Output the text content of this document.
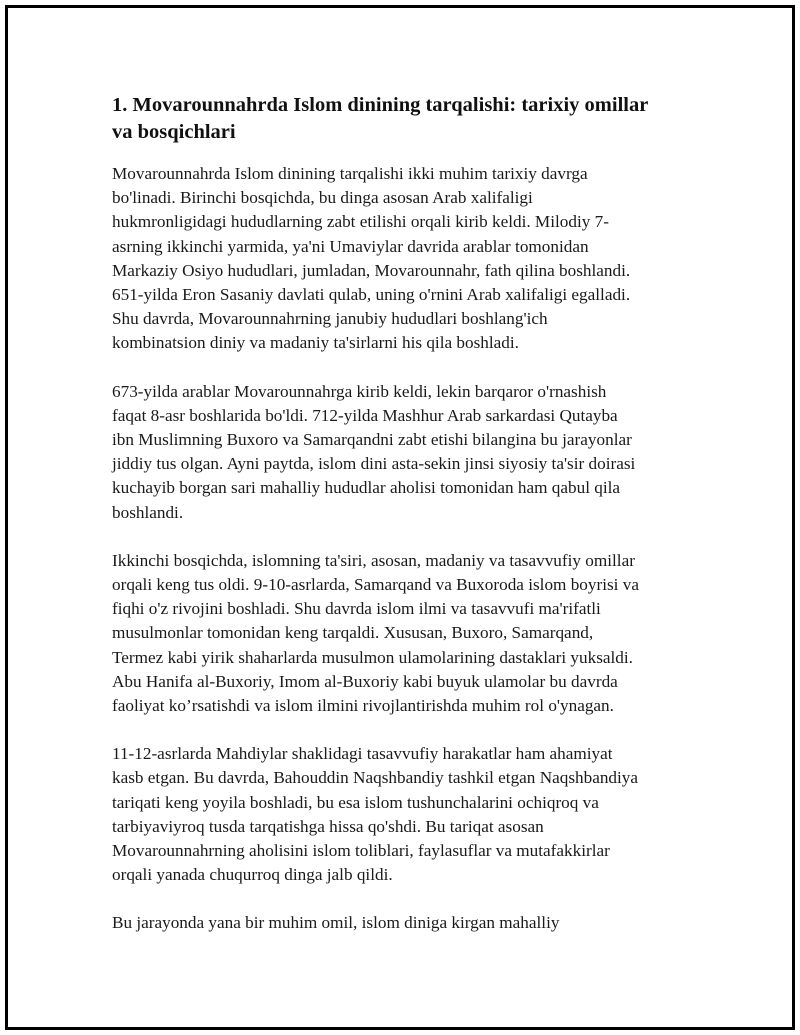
1. Movarounnahrda Islom dinining tarqalishi: tarixiy omillar
va bosqichlari

Movarounnahrda Islom dinining tarqalishi ikki muhim tarixiy davrga
bo'linadi. Birinchi bosqichda, bu dinga asosan Arab xalifaligi
hukmronligidagi hududlarning zabt etilishi orqali kirib keldi. Milodiy 7-
asrning ikkinchi yarmida, ya'ni Umaviylar davrida arablar tomonidan
Markaziy Osiyo hududlari, jumladan, Movarounnahr, fath qilina boshlandi.
651-yilda Eron Sasaniy davlati qulab, uning o'rnini Arab xalifaligi egalladi.
Shu davrda, Movarounnahrning janubiy hududlari boshlang'ich
kombinatsion diniy va madaniy ta'sirlarni his qila boshladi.

673-yilda arablar Movarounnahrga kirib keldi, lekin barqaror o'rnashish
faqat 8-asr boshlarida bo'ldi. 712-yilda Mashhur Arab sarkardasi Qutayba
ibn Muslimning Buxoro va Samarqandni zabt etishi bilangina bu jarayonlar
jiddiy tus olgan. Ayni paytda, islom dini asta-sekin jinsi siyosiy ta'sir doirasi
kuchayib borgan sari mahalliy hududlar aholisi tomonidan ham qabul qila
boshlandi.

Ikkinchi bosqichda, islomning ta'siri, asosan, madaniy va tasavvufiy omillar
orqali keng tus oldi. 9-10-asrlarda, Samarqand va Buxoroda islom boyrisi va
fiqhi o'z rivojini boshladi. Shu davrda islom ilmi va tasavvufi ma'rifatli
musulmonlar tomonidan keng tarqaldi. Xususan, Buxoro, Samarqand,
Termez kabi yirik shaharlarda musulmon ulamolarining dastaklari yuksaldi.
Abu Hanifa al-Buxoriy, Imom al-Buxoriy kabi buyuk ulamolar bu davrda
faoliyat ko’rsatishdi va islom ilmini rivojlantirishda muhim rol o'ynagan.

11-12-asrlarda Mahdiylar shaklidagi tasavvufiy harakatlar ham ahamiyat
kasb etgan. Bu davrda, Bahouddin Naqshbandiy tashkil etgan Naqshbandiya
tariqati keng yoyila boshladi, bu esa islom tushunchalarini ochiqroq va
tarbiyaviyroq tusda tarqatishga hissa qo'shdi. Bu tariqat asosan
Movarounnahrning aholisini islom toliblari, faylasuflar va mutafakkirlar
orqali yanada chuqurroq dinga jalb qildi.

Bu jarayonda yana bir muhim omil, islom diniga kirgan mahalliy
